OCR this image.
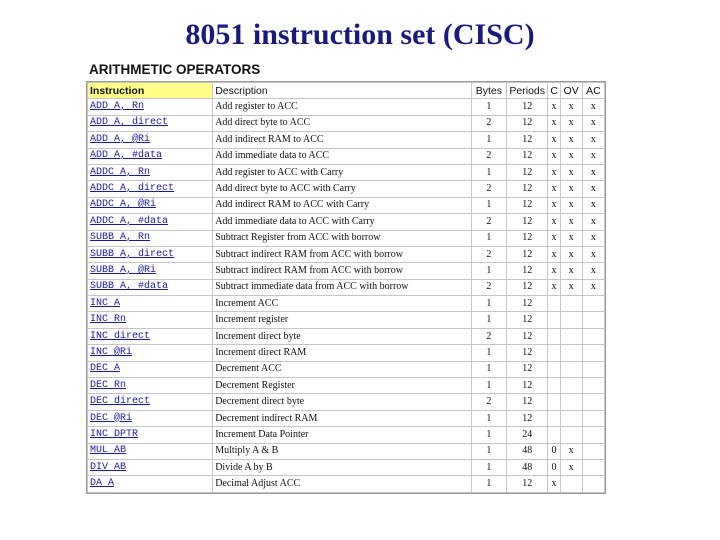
8051 instruction set (CISC)
ARITHMETIC OPERATORS
Instruction	Description	Bytes	Periods	C	OV	AC
ADD A, Rn	Add register to ACC	1	12	x	x	x
ADD A, direct	Add direct byte to ACC	2	12	x	x	x
ADD A, @Ri	Add indirect RAM to ACC	1	12	x	x	x
ADD A, #data	Add immediate data to ACC	2	12	x	x	x
ADDC A, Rn	Add register to ACC with Carry	1	12	x	x	x
ADDC A, direct	Add direct byte to ACC with Carry	2	12	x	x	x
ADDC A, @Ri	Add indirect RAM to ACC with Carry	1	12	x	x	x
ADDC A, #data	Add immediate data to ACC with Carry	2	12	x	x	x
SUBB A, Rn	Subtract Register from ACC with borrow	1	12	x	x	x
SUBB A, direct	Subtract indirect RAM from ACC with borrow	2	12	x	x	x
SUBB A, @Ri	Subtract indirect RAM from ACC with borrow	1	12	x	x	x
SUBB A, #data	Subtract immediate data from ACC with borrow	2	12	x	x	x
INC A	Increment ACC	1	12			
INC Rn	Increment register	1	12			
INC direct	Increment direct byte	2	12			
INC @Ri	Increment direct RAM	1	12			
DEC A	Decrement ACC	1	12			
DEC Rn	Decrement Register	1	12			
DEC direct	Decrement direct byte	2	12			
DEC @Ri	Decrement indirect RAM	1	12			
INC DPTR	Increment Data Pointer	1	24			
MUL AB	Multiply A & B	1	48	0	x	
DIV AB	Divide A by B	1	48	0	x	
DA A	Decimal Adjust ACC	1	12	x		
